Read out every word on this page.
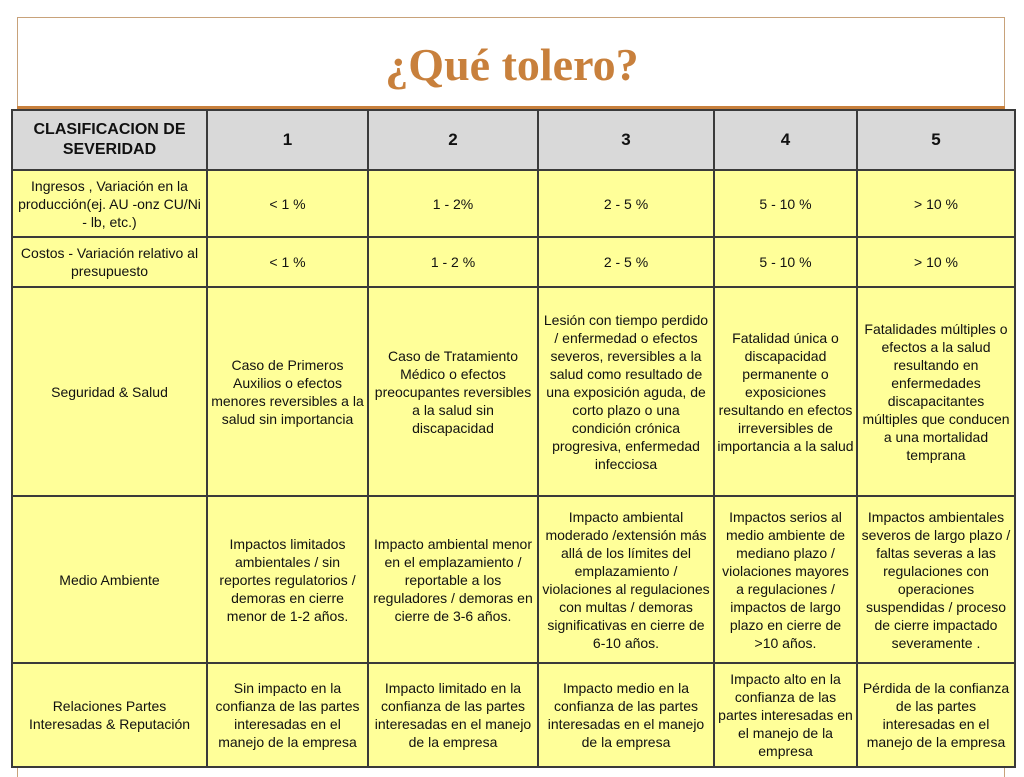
¿Qué tolero?
CLASIFICACION DE SEVERIDAD	1	2	3	4	5
Ingresos , Variación en la producción(ej. AU -onz CU/Ni - lb, etc.)	< 1 %	1 - 2%	2 - 5 %	5 - 10 %	> 10 %
Costos - Variación relativo al presupuesto	< 1 %	1 - 2 %	2 - 5 %	5 - 10 %	> 10 %
Seguridad & Salud	Caso de Primeros Auxilios o efectos menores reversibles a la salud sin importancia	Caso de Tratamiento Médico o efectos preocupantes reversibles a la salud sin discapacidad	Lesión con tiempo perdido / enfermedad o efectos severos, reversibles a la salud como resultado de una exposición aguda, de corto plazo o una condición crónica progresiva, enfermedad infecciosa	Fatalidad única o discapacidad permanente o exposiciones resultando en efectos irreversibles de importancia a la salud	Fatalidades múltiples o efectos a la salud resultando en enfermedades discapacitantes múltiples que conducen a una mortalidad temprana
Medio Ambiente	Impactos limitados ambientales / sin reportes regulatorios / demoras en cierre menor de 1-2 años.	Impacto ambiental menor en el emplazamiento / reportable a los reguladores / demoras en cierre de 3-6 años.	Impacto ambiental moderado /extensión más allá de los límites del emplazamiento / violaciones al regulaciones con multas / demoras significativas en cierre de 6-10 años.	Impactos serios al medio ambiente de mediano plazo / violaciones mayores a regulaciones / impactos de largo plazo en cierre de >10 años.	Impactos ambientales severos de largo plazo / faltas severas a las regulaciones con operaciones suspendidas / proceso de cierre impactado severamente .
Relaciones Partes Interesadas & Reputación	Sin impacto en la confianza de las partes interesadas en el manejo de la empresa	Impacto limitado en la confianza de las partes interesadas en el manejo de la empresa	Impacto medio en la confianza de las partes interesadas en el manejo de la empresa	Impacto alto en la confianza de las partes interesadas en el manejo de la empresa	Pérdida de la confianza de las partes interesadas en el manejo de la empresa
